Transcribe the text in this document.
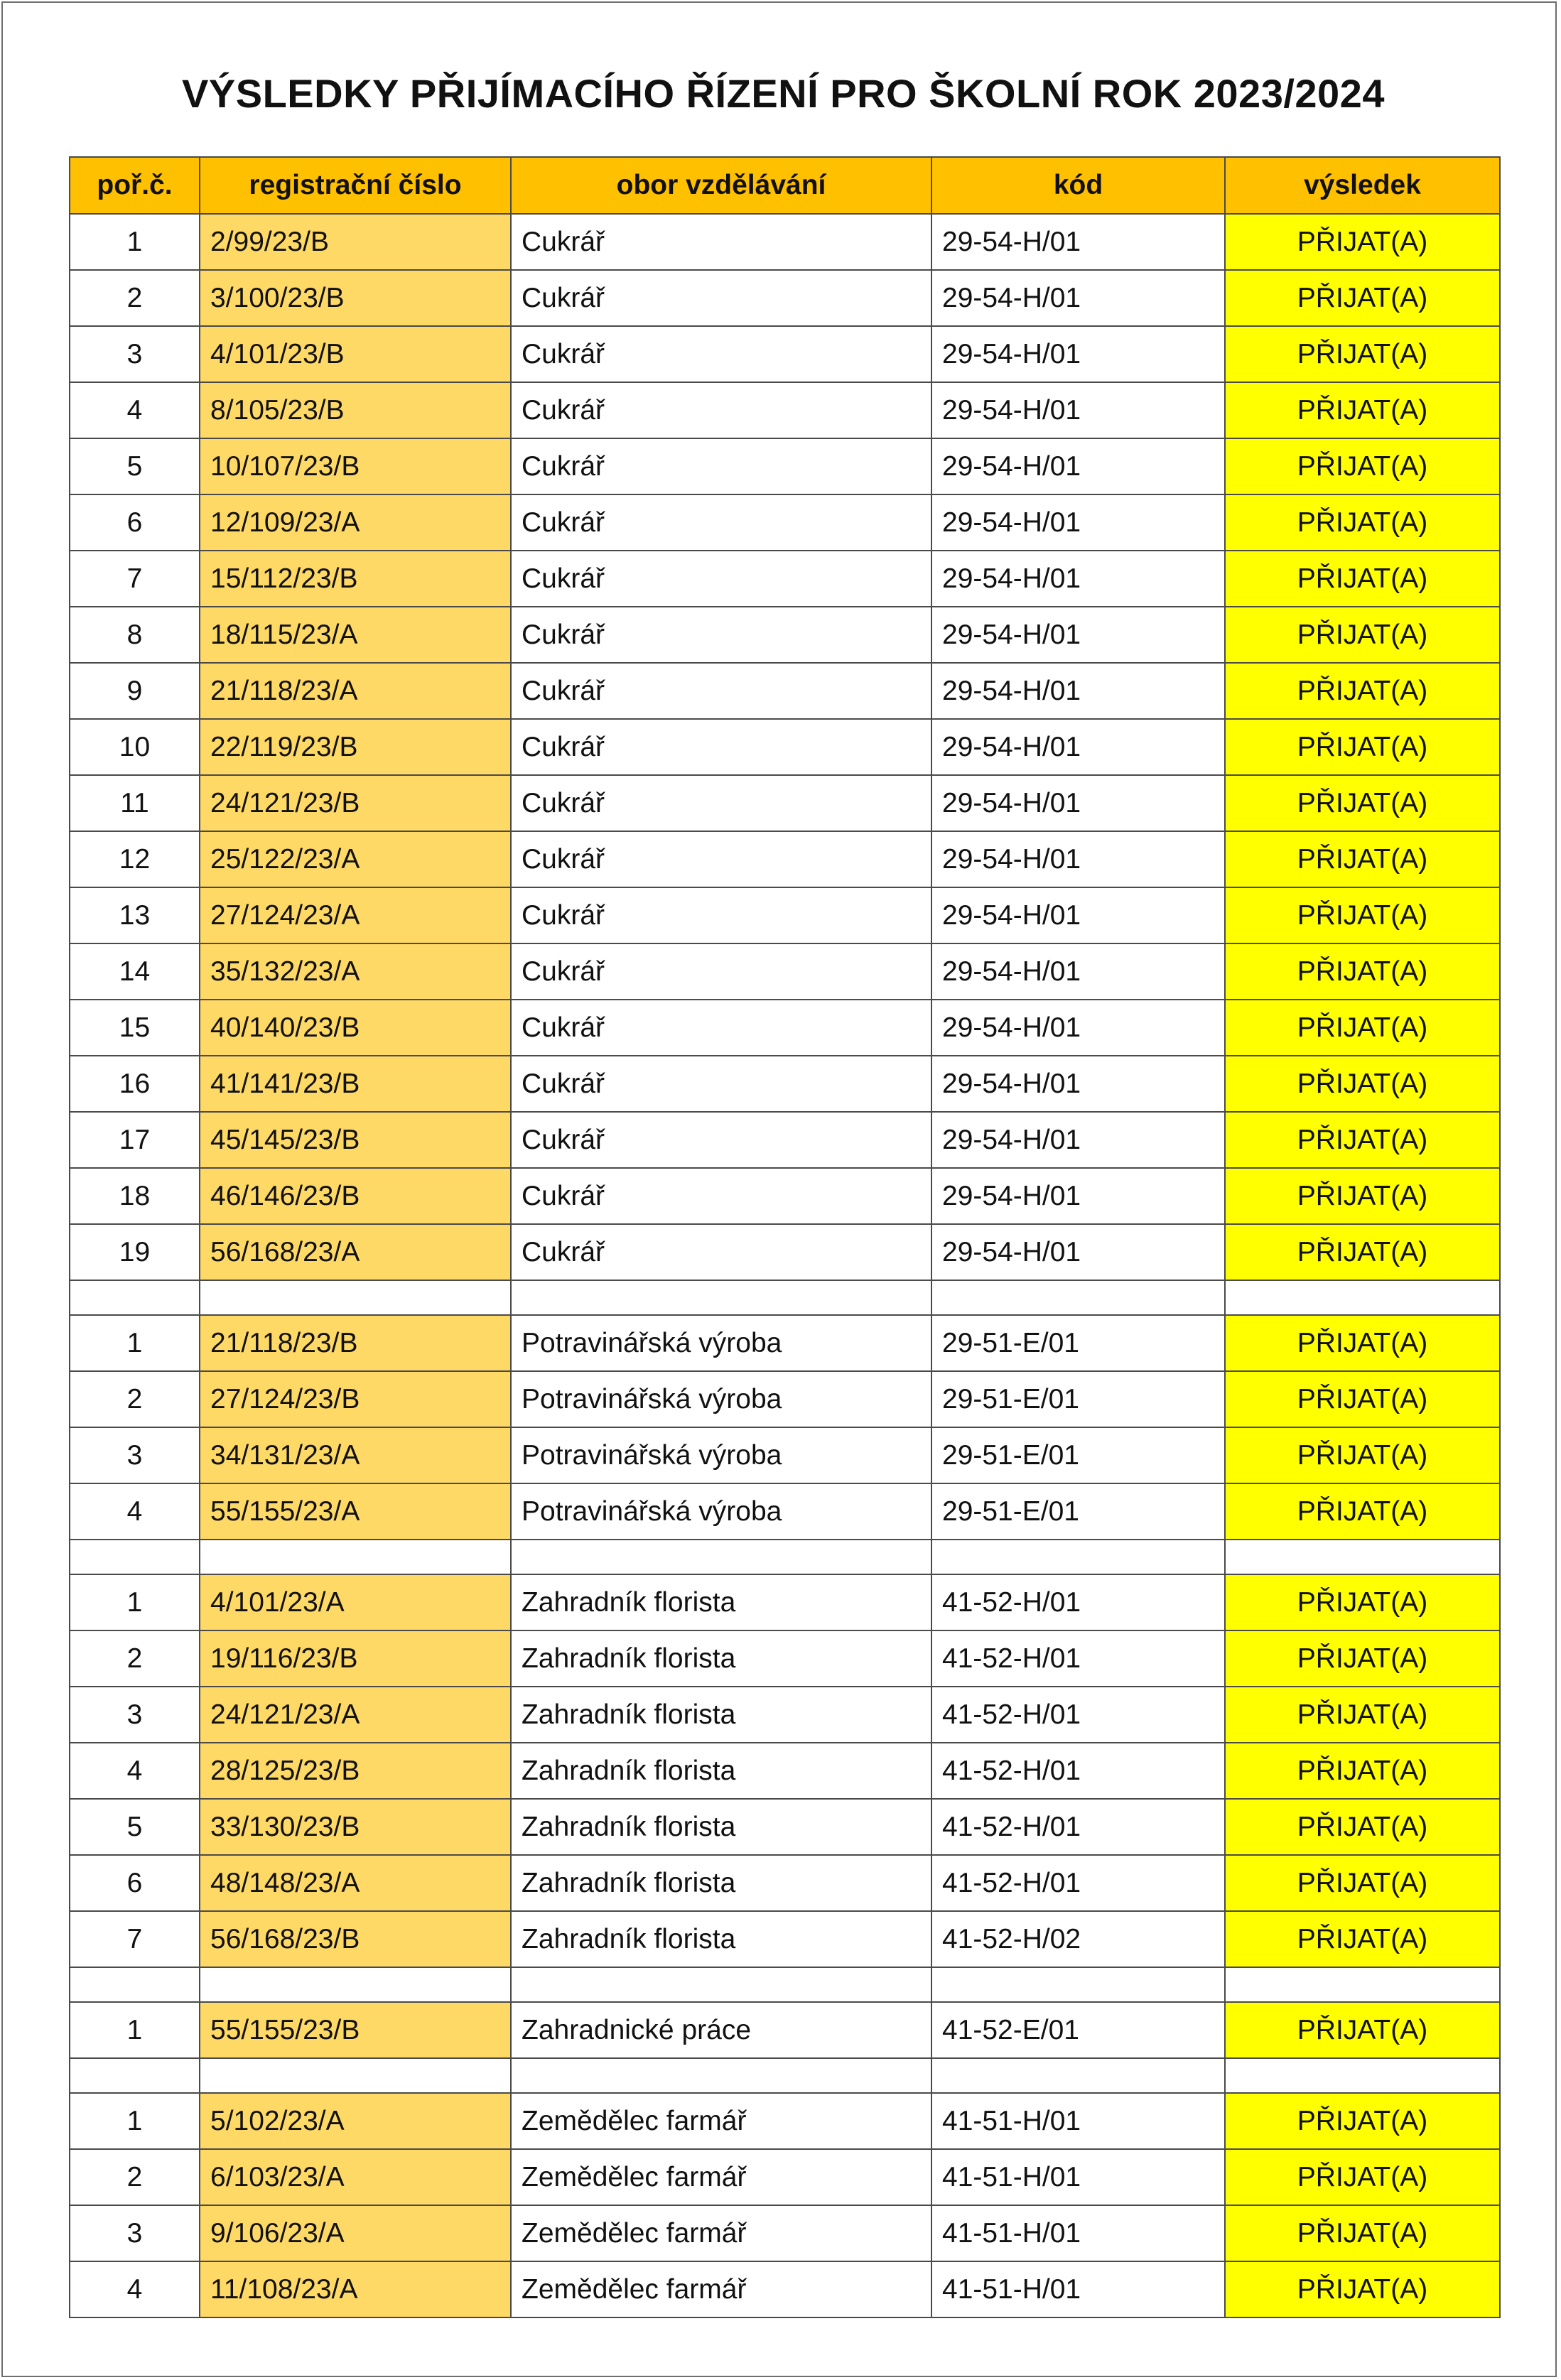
VÝSLEDKY PŘIJÍMACÍHO ŘÍZENÍ PRO ŠKOLNÍ ROK 2023/2024
poř.č.	registrační číslo	obor vzdělávání	kód	výsledek
1	2/99/23/B	Cukrář	29-54-H/01	PŘIJAT(A)
2	3/100/23/B	Cukrář	29-54-H/01	PŘIJAT(A)
3	4/101/23/B	Cukrář	29-54-H/01	PŘIJAT(A)
4	8/105/23/B	Cukrář	29-54-H/01	PŘIJAT(A)
5	10/107/23/B	Cukrář	29-54-H/01	PŘIJAT(A)
6	12/109/23/A	Cukrář	29-54-H/01	PŘIJAT(A)
7	15/112/23/B	Cukrář	29-54-H/01	PŘIJAT(A)
8	18/115/23/A	Cukrář	29-54-H/01	PŘIJAT(A)
9	21/118/23/A	Cukrář	29-54-H/01	PŘIJAT(A)
10	22/119/23/B	Cukrář	29-54-H/01	PŘIJAT(A)
11	24/121/23/B	Cukrář	29-54-H/01	PŘIJAT(A)
12	25/122/23/A	Cukrář	29-54-H/01	PŘIJAT(A)
13	27/124/23/A	Cukrář	29-54-H/01	PŘIJAT(A)
14	35/132/23/A	Cukrář	29-54-H/01	PŘIJAT(A)
15	40/140/23/B	Cukrář	29-54-H/01	PŘIJAT(A)
16	41/141/23/B	Cukrář	29-54-H/01	PŘIJAT(A)
17	45/145/23/B	Cukrář	29-54-H/01	PŘIJAT(A)
18	46/146/23/B	Cukrář	29-54-H/01	PŘIJAT(A)
19	56/168/23/A	Cukrář	29-54-H/01	PŘIJAT(A)

1	21/118/23/B	Potravinářská výroba	29-51-E/01	PŘIJAT(A)
2	27/124/23/B	Potravinářská výroba	29-51-E/01	PŘIJAT(A)
3	34/131/23/A	Potravinářská výroba	29-51-E/01	PŘIJAT(A)
4	55/155/23/A	Potravinářská výroba	29-51-E/01	PŘIJAT(A)

1	4/101/23/A	Zahradník florista	41-52-H/01	PŘIJAT(A)
2	19/116/23/B	Zahradník florista	41-52-H/01	PŘIJAT(A)
3	24/121/23/A	Zahradník florista	41-52-H/01	PŘIJAT(A)
4	28/125/23/B	Zahradník florista	41-52-H/01	PŘIJAT(A)
5	33/130/23/B	Zahradník florista	41-52-H/01	PŘIJAT(A)
6	48/148/23/A	Zahradník florista	41-52-H/01	PŘIJAT(A)
7	56/168/23/B	Zahradník florista	41-52-H/02	PŘIJAT(A)

1	55/155/23/B	Zahradnické práce	41-52-E/01	PŘIJAT(A)

1	5/102/23/A	Zemědělec farmář	41-51-H/01	PŘIJAT(A)
2	6/103/23/A	Zemědělec farmář	41-51-H/01	PŘIJAT(A)
3	9/106/23/A	Zemědělec farmář	41-51-H/01	PŘIJAT(A)
4	11/108/23/A	Zemědělec farmář	41-51-H/01	PŘIJAT(A)
